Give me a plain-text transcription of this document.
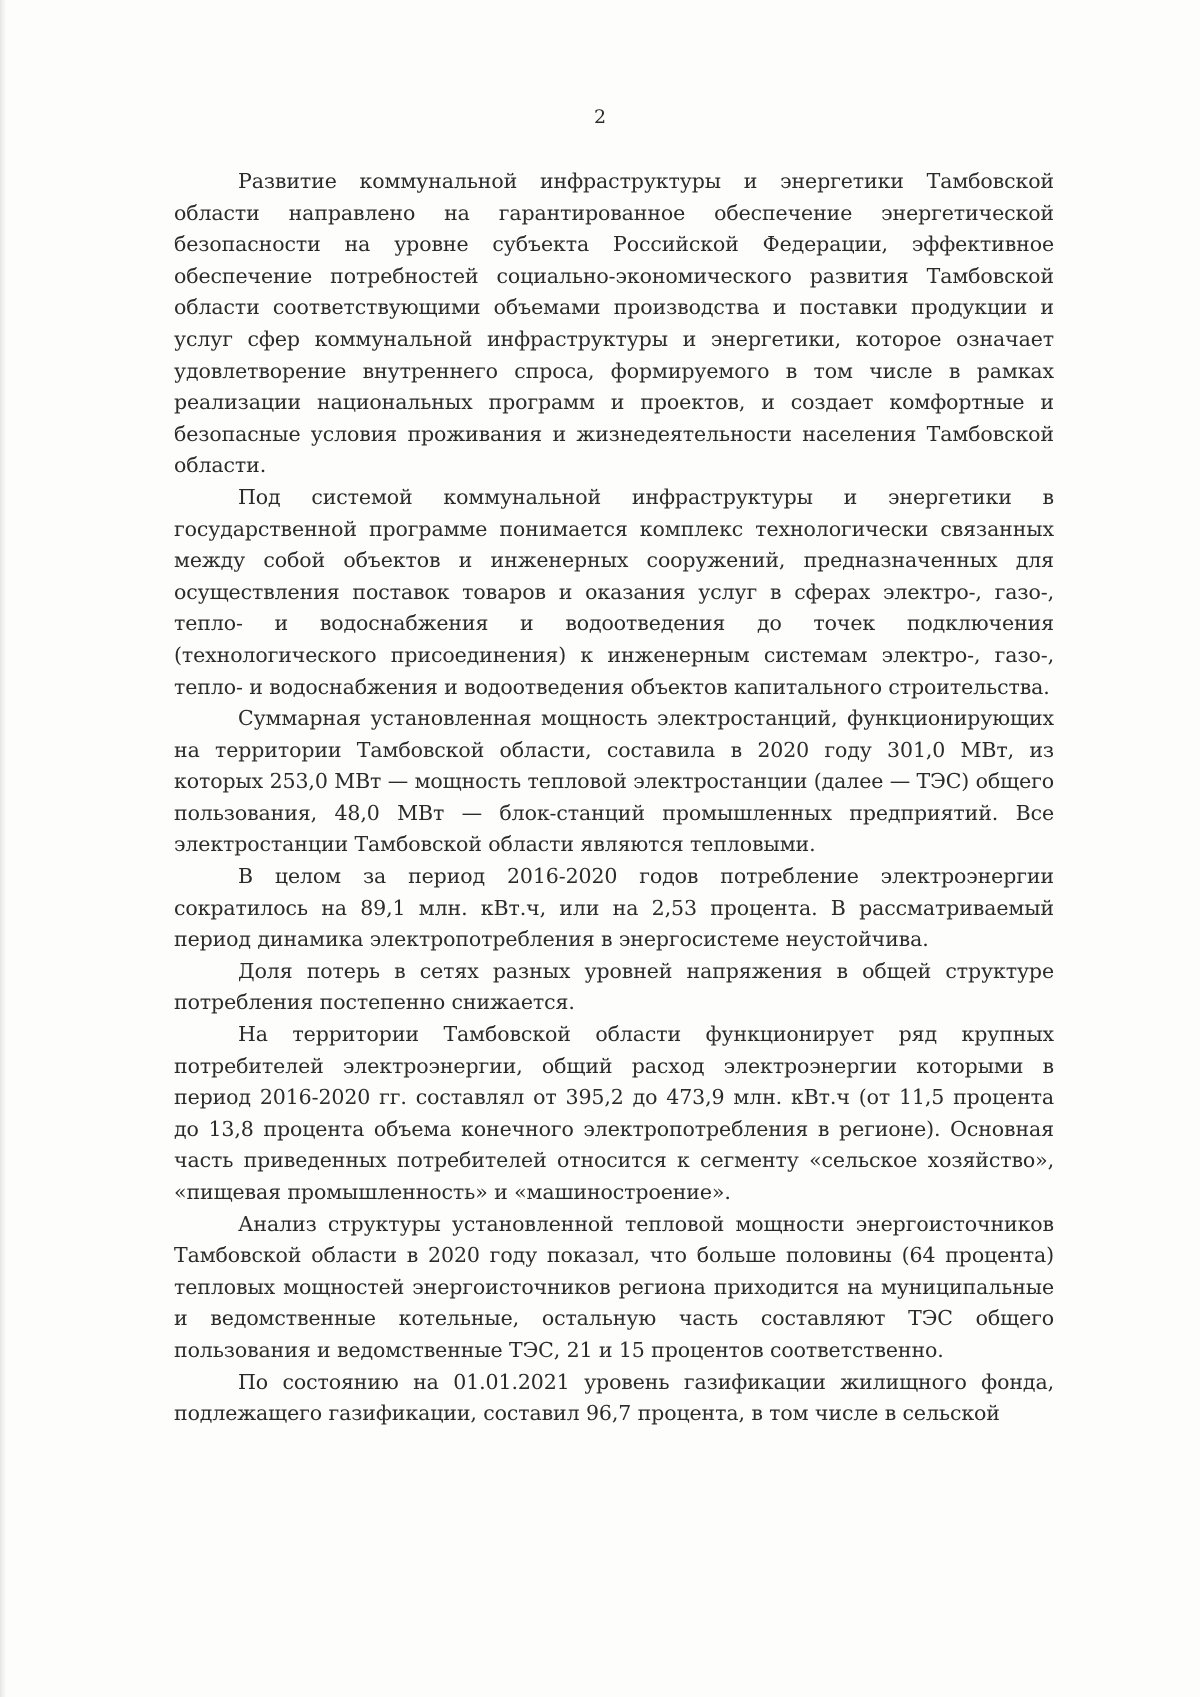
2

Развитие коммунальной инфраструктуры и энергетики Тамбовской области направлено на гарантированное обеспечение энергетической безопасности на уровне субъекта Российской Федерации, эффективное обеспечение потребностей социально-экономического развития Тамбовской области соответствующими объемами производства и поставки продукции и услуг сфер коммунальной инфраструктуры и энергетики, которое означает удовлетворение внутреннего спроса, формируемого в том числе в рамках реализации национальных программ и проектов, и создает комфортные и безопасные условия проживания и жизнедеятельности населения Тамбовской области.

Под системой коммунальной инфраструктуры и энергетики в государственной программе понимается комплекс технологически связанных между собой объектов и инженерных сооружений, предназначенных для осуществления поставок товаров и оказания услуг в сферах электро-, газо-, тепло- и водоснабжения и водоотведения до точек подключения (технологического присоединения) к инженерным системам электро-, газо-, тепло- и водоснабжения и водоотведения объектов капитального строительства.

Суммарная установленная мощность электростанций, функционирующих на территории Тамбовской области, составила в 2020 году 301,0 МВт, из которых 253,0 МВт — мощность тепловой электростанции (далее — ТЭС) общего пользования, 48,0 МВт — блок-станций промышленных предприятий. Все электростанции Тамбовской области являются тепловыми.

В целом за период 2016-2020 годов потребление электроэнергии сократилось на 89,1 млн. кВт.ч, или на 2,53 процента. В рассматриваемый период динамика электропотребления в энергосистеме неустойчива.

Доля потерь в сетях разных уровней напряжения в общей структуре потребления постепенно снижается.

На территории Тамбовской области функционирует ряд крупных потребителей электроэнергии, общий расход электроэнергии которыми в период 2016-2020 гг. составлял от 395,2 до 473,9 млн. кВт.ч (от 11,5 процента до 13,8 процента объема конечного электропотребления в регионе). Основная часть приведенных потребителей относится к сегменту «сельское хозяйство», «пищевая промышленность» и «машиностроение».

Анализ структуры установленной тепловой мощности энергоисточников Тамбовской области в 2020 году показал, что больше половины (64 процента) тепловых мощностей энергоисточников региона приходится на муниципальные и ведомственные котельные, остальную часть составляют ТЭС общего пользования и ведомственные ТЭС, 21 и 15 процентов соответственно.

По состоянию на 01.01.2021 уровень газификации жилищного фонда, подлежащего газификации, составил 96,7 процента, в том числе в сельской
